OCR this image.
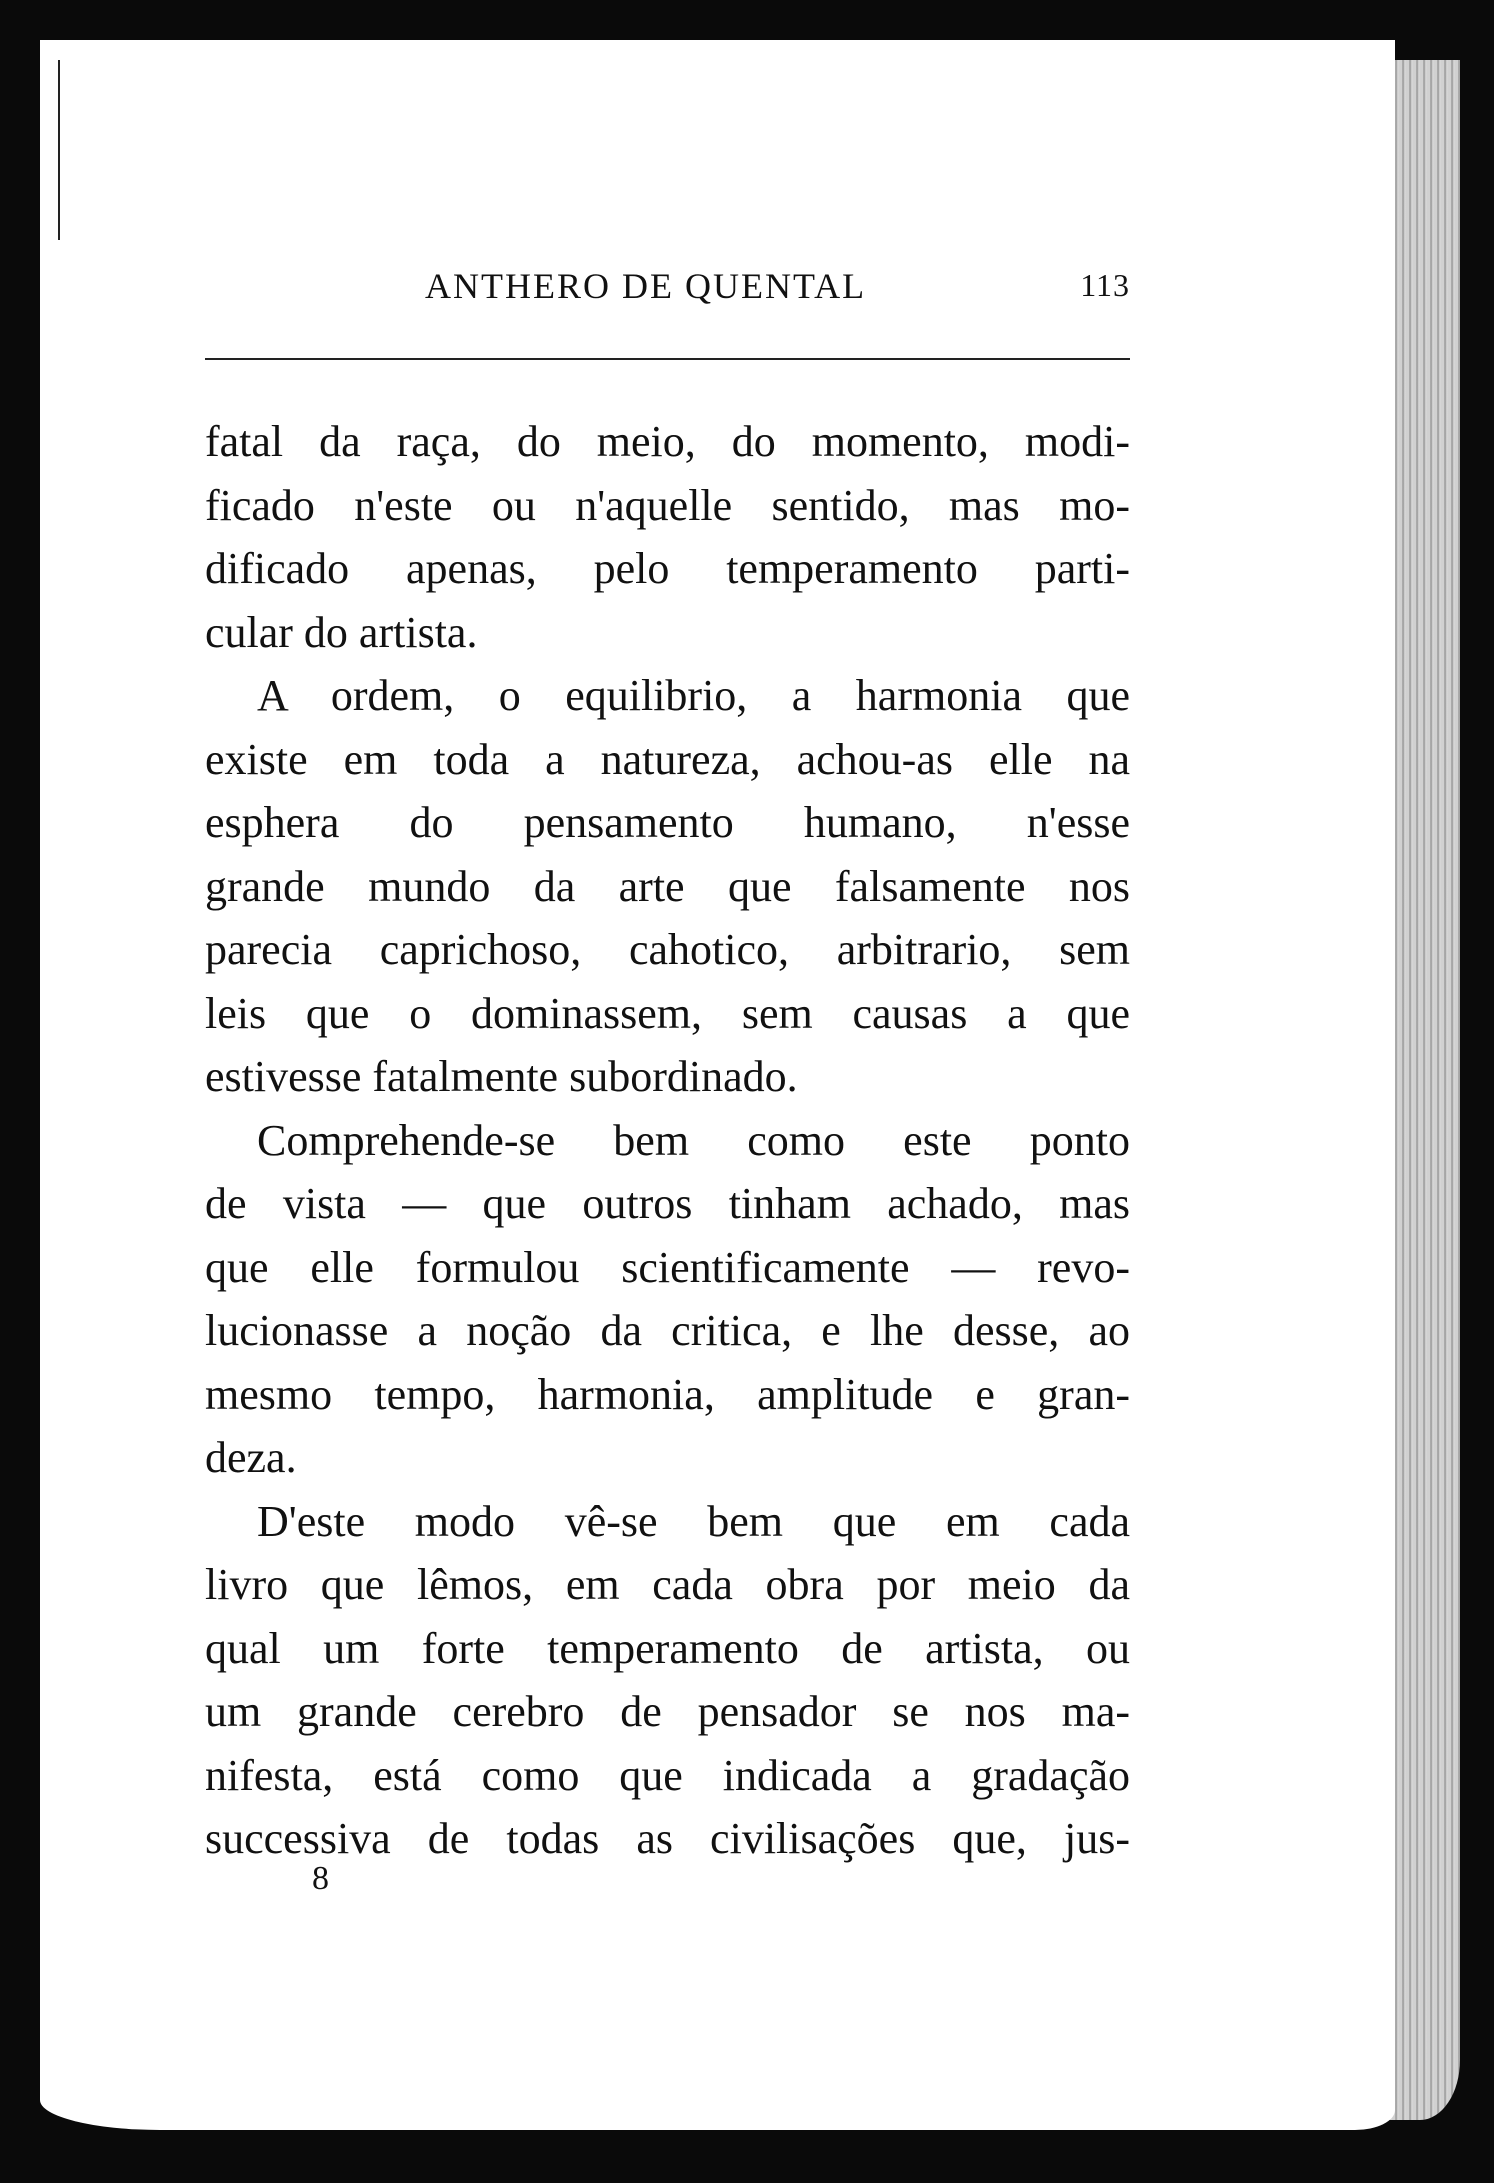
ANTHERO DE QUENTAL	113

fatal da raça, do meio, do momento, modi-

ficado n'este ou n'aquelle sentido, mas mo-

dificado apenas, pelo temperamento parti-

cular do artista.

A ordem, o equilibrio, a harmonia que

existe em toda a natureza, achou-as elle na

esphera do pensamento humano, n'esse

grande mundo da arte que falsamente nos

parecia caprichoso, cahotico, arbitrario, sem

leis que o dominassem, sem causas a que

estivesse fatalmente subordinado.

Comprehende-se bem como este ponto

de vista — que outros tinham achado, mas

que elle formulou scientificamente — revo-

lucionasse a noção da critica, e lhe desse, ao

mesmo tempo, harmonia, amplitude e gran-

deza.

D'este modo vê-se bem que em cada

livro que lêmos, em cada obra por meio da

qual um forte temperamento de artista, ou

um grande cerebro de pensador se nos ma-

nifesta, está como que indicada a gradação

successiva de todas as civilisações que, jus-

8
